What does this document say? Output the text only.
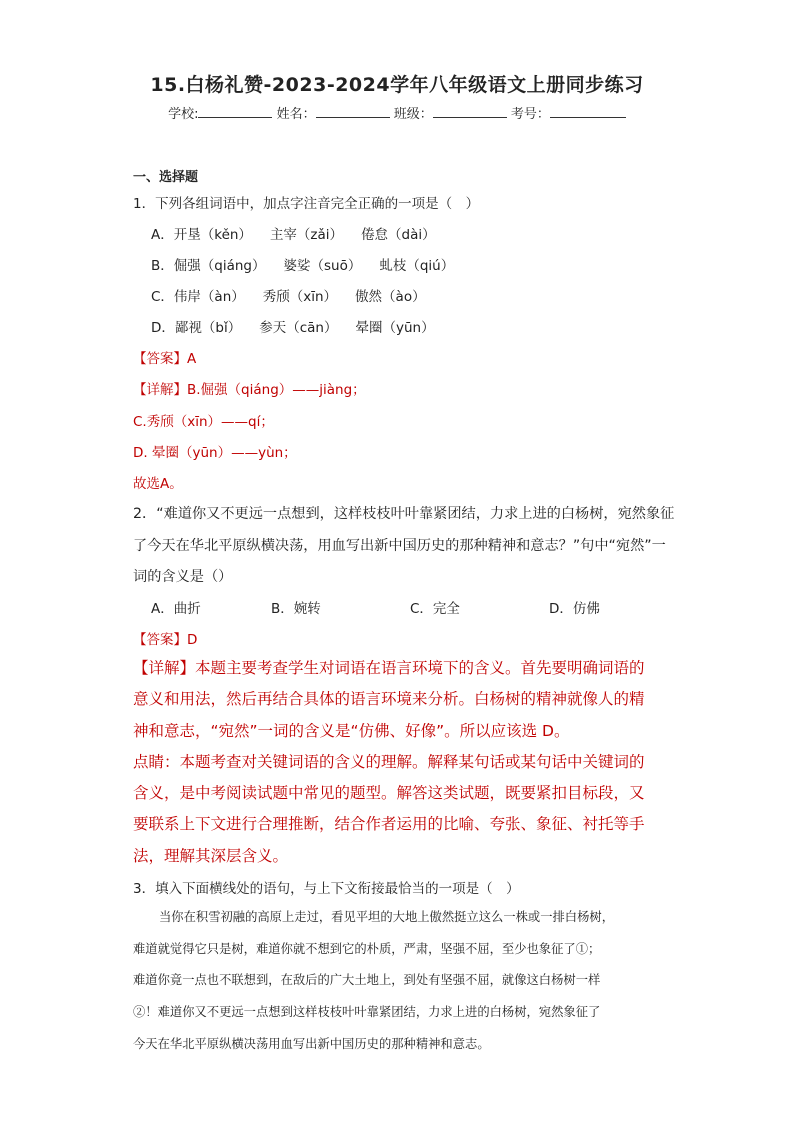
15.白杨礼赞-2023-2024学年八年级语文上册同步练习
学校:	姓名：	班级：	考号：
一、选择题
1．下列各组词语中，加点字注音完全正确的一项是（　）
A．开垦（kěn） 主宰（zǎi） 倦怠（dài）
B．倔强（qiáng） 婆娑（suō） 虬枝（qiú）
C．伟岸（àn） 秀颀（xīn） 傲然（ào）
D．鄙视（bǐ） 参天（cān） 晕圈（yūn）
【答案】A
【详解】B.倔强（qiáng）——jiàng；
C.秀颀（xīn）——qí；
D. 晕圈（yūn）——yùn；
故选A。
2．“难道你又不更远一点想到，这样枝枝叶叶靠紧团结，力求上进的白杨树，宛然象征
了今天在华北平原纵横决荡，用血写出新中国历史的那种精神和意志？”句中“宛然”一
词的含义是（）
A．曲折	B．婉转	C．完全	D．仿佛
【答案】D
【详解】本题主要考查学生对词语在语言环境下的含义。首先要明确词语的
意义和用法，然后再结合具体的语言环境来分析。白杨树的精神就像人的精
神和意志，“宛然”一词的含义是“仿佛、好像”。所以应该选 D。
点睛：本题考查对关键词语的含义的理解。解释某句话或某句话中关键词的
含义，是中考阅读试题中常见的题型。解答这类试题，既要紧扣目标段，又
要联系上下文进行合理推断，结合作者运用的比喻、夸张、象征、衬托等手
法，理解其深层含义。
3．填入下面横线处的语句，与上下文衔接最恰当的一项是（　）

当你在积雪初融的高原上走过，看见平坦的大地上傲然挺立这么一株或一排白杨树，

难道就觉得它只是树，难道你就不想到它的朴质，严肃，坚强不屈，至少也象征了①；
难道你竟一点也不联想到，在敌后的广大土地上，到处有坚强不屈，就像这白杨树一样
②！难道你又不更远一点想到这样枝枝叶叶靠紧团结，力求上进的白杨树，宛然象征了
今天在华北平原纵横决荡用血写出新中国历史的那种精神和意志。
